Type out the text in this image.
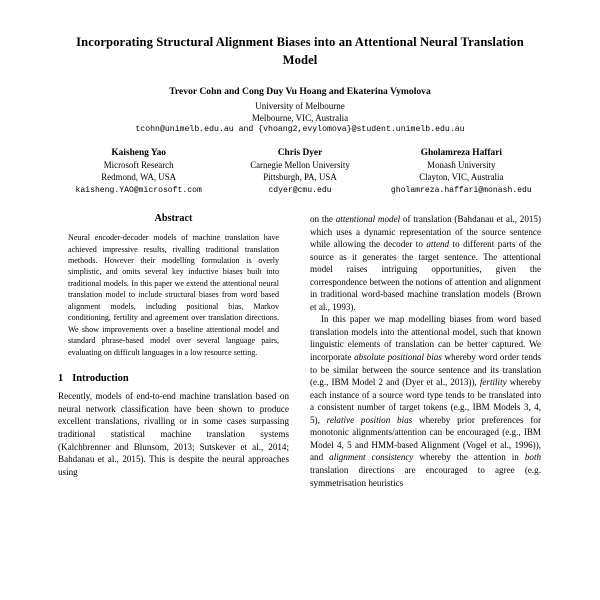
Incorporating Structural Alignment Biases into an Attentional Neural Translation Model
Trevor Cohn and Cong Duy Vu Hoang and Ekaterina Vymolova
University of Melbourne
Melbourne, VIC, Australia
tcohn@unimelb.edu.au and {vhoang2,evylomova}@student.unimelb.edu.au
Kaisheng Yao
Microsoft Research
Redmond, WA, USA
Chris Dyer
Carnegie Mellon University
Pittsburgh, PA, USA
Gholamreza Haffari
Monash University
Clayton, VIC, Australia
kaisheng.YAO@microsoft.com	cdyer@cmu.edu	gholamreza.haffari@monash.edu
Abstract
Neural encoder-decoder models of machine translation have achieved impressive results, rivalling traditional translation methods. However their modelling formulation is overly simplistic, and omits several key inductive biases built into traditional models. In this paper we extend the attentional neural translation model to include structural biases from word based alignment models, including positional bias, Markov conditioning, fertility and agreement over translation directions. We show improvements over a baseline attentional model and standard phrase-based model over several language pairs, evaluating on difficult languages in a low resource setting.
1 Introduction
Recently, models of end-to-end machine translation based on neural network classification have been shown to produce excellent translations, rivalling or in some cases surpassing traditional statistical machine translation systems (Kalchbrenner and Blunsom, 2013; Sutskever et al., 2014; Bahdanau et al., 2015). This is despite the neural approaches using
on the attentional model of translation (Bahdanau et al., 2015) which uses a dynamic representation of the source sentence while allowing the decoder to attend to different parts of the source as it generates the target sentence. The attentional model raises intriguing opportunities, given the correspondence between the notions of attention and alignment in traditional word-based machine translation models (Brown et al., 1993).
In this paper we map modelling biases from word based translation models into the attentional model, such that known linguistic elements of translation can be better captured. We incorporate absolute positional bias whereby word order tends to be similar between the source sentence and its translation (e.g., IBM Model 2 and (Dyer et al., 2013)), fertility whereby each instance of a source word type tends to be translated into a consistent number of target tokens (e.g., IBM Models 3, 4, 5), relative position bias whereby prior preferences for monotonic alignments/attention can be encouraged (e.g., IBM Model 4, 5 and HMM-based Alignment (Vogel et al., 1996)), and alignment consistency whereby the attention in both translation directions are encouraged to agree (e.g. symmetrisation heuristics
